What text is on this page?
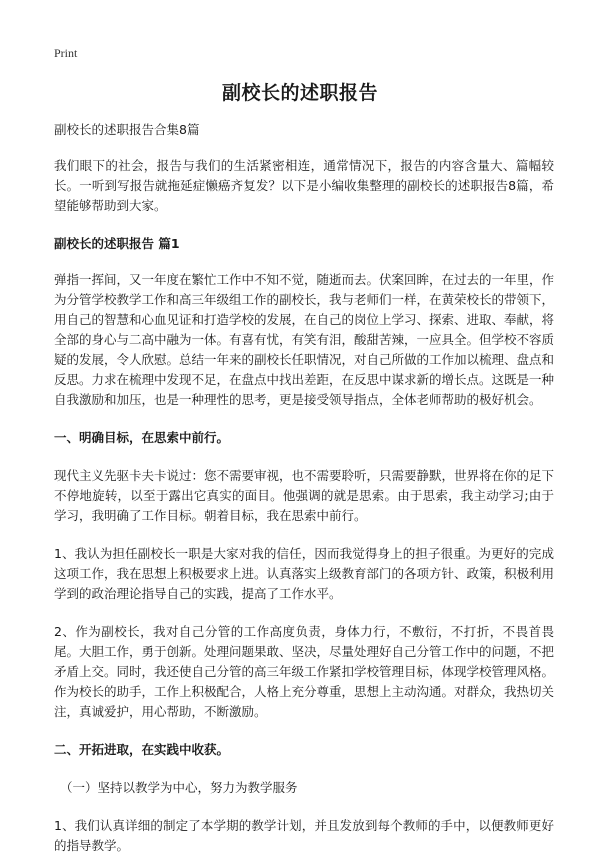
Print
副校长的述职报告

副校长的述职报告合集8篇

我们眼下的社会，报告与我们的生活紧密相连，通常情况下，报告的内容含量大、篇幅较长。一听到写报告就拖延症懒癌齐复发？以下是小编收集整理的副校长的述职报告8篇，希望能够帮助到大家。

副校长的述职报告 篇1

弹指一挥间，又一年度在繁忙工作中不知不觉，随逝而去。伏案回眸，在过去的一年里，作为分管学校教学工作和高三年级组工作的副校长，我与老师们一样，在黄荣校长的带领下，用自己的智慧和心血见证和打造学校的发展，在自己的岗位上学习、探索、进取、奉献，将全部的身心与二高中融为一体。有喜有忧，有笑有泪，酸甜苦辣，一应具全。但学校不容质疑的发展，令人欣慰。总结一年来的副校长任职情况，对自己所做的工作加以梳理、盘点和反思。力求在梳理中发现不足，在盘点中找出差距，在反思中谋求新的增长点。这既是一种自我激励和加压，也是一种理性的思考，更是接受领导指点，全体老师帮助的极好机会。

一、明确目标，在思索中前行。

现代主义先驱卡夫卡说过：您不需要审视，也不需要聆听，只需要静默，世界将在你的足下不停地旋转，以至于露出它真实的面目。他强调的就是思索。由于思索，我主动学习;由于学习，我明确了工作目标。朝着目标，我在思索中前行。

1、我认为担任副校长一职是大家对我的信任，因而我觉得身上的担子很重。为更好的完成这项工作，我在思想上积极要求上进。认真落实上级教育部门的各项方针、政策，积极利用学到的政治理论指导自己的实践，提高了工作水平。

2、作为副校长，我对自己分管的工作高度负责，身体力行，不敷衍，不打折，不畏首畏尾。大胆工作，勇于创新。处理问题果敢、坚决，尽量处理好自己分管工作中的问题，不把矛盾上交。同时，我还使自己分管的高三年级工作紧扣学校管理目标，体现学校管理风格。作为校长的助手，工作上积极配合，人格上充分尊重，思想上主动沟通。对群众，我热切关注，真诚爱护，用心帮助，不断激励。

二、开拓进取，在实践中收获。

（一）坚持以教学为中心，努力为教学服务

1、我们认真详细的制定了本学期的教学计划，并且发放到每个教师的手中，以便教师更好的指导教学。
